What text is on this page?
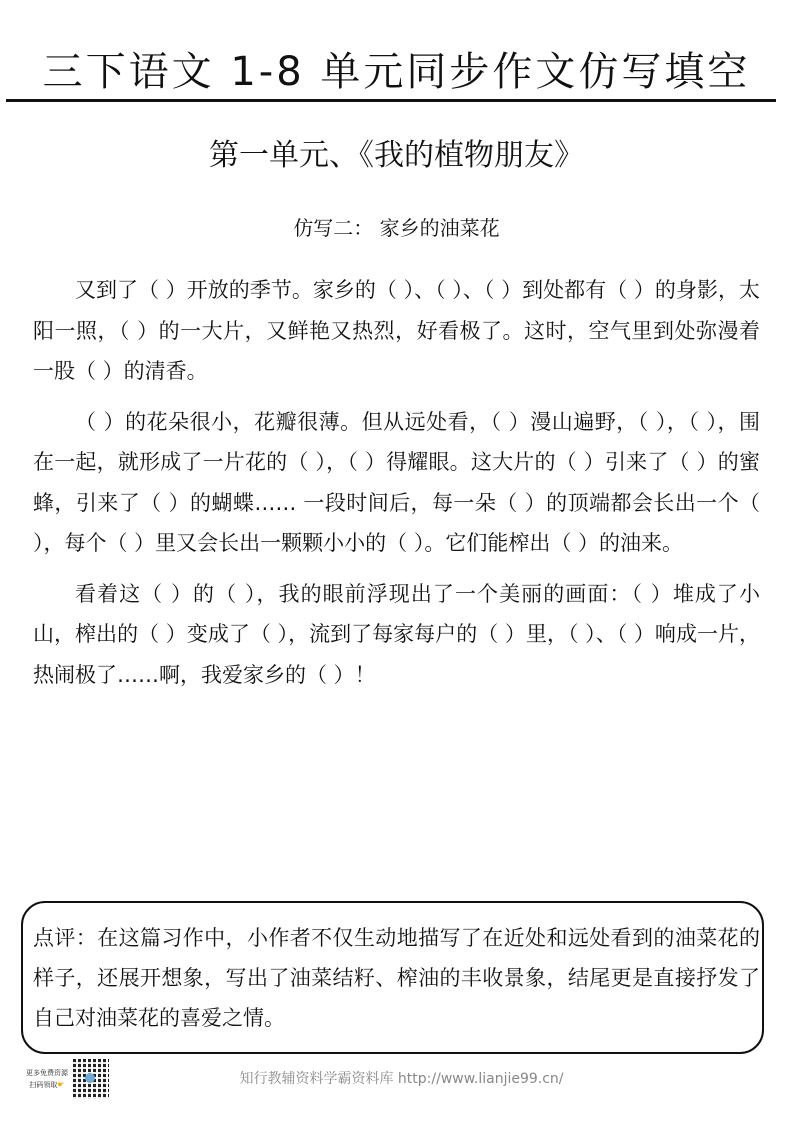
三下语文 1-8 单元同步作文仿写填空
第一单元、《我的植物朋友》
仿写二： 家乡的油菜花

又到了（ ）开放的季节。家乡的（ ）、（ ）、（ ）到处都有（ ）的身影，太阳一照，（ ）的一大片，又鲜艳又热烈，好看极了。这时，空气里到处弥漫着一股（ ）的清香。

（ ）的花朵很小，花瓣很薄。但从远处看，（ ）漫山遍野，（ ），（ ），围在一起，就形成了一片花的（ ），（ ）得耀眼。这大片的（ ）引来了（ ）的蜜蜂，引来了（ ）的蝴蝶…… 一段时间后，每一朵（ ）的顶端都会长出一个（ ），每个（ ）里又会长出一颗颗小小的（ ）。它们能榨出（ ）的油来。

看着这（ ）的（ ），我的眼前浮现出了一个美丽的画面：（ ）堆成了小山，榨出的（ ）变成了（ ），流到了每家每户的（ ）里，（ ）、（ ）响成一片，热闹极了……啊，我爱家乡的（ ）！

点评：在这篇习作中，小作者不仅生动地描写了在近处和远处看到的油菜花的样子，还展开想象，写出了油菜结籽、榨油的丰收景象，结尾更是直接抒发了自己对油菜花的喜爱之情。
更多免费资源
扫码领取☛	知行教辅资料学霸资料库 http://www.lianjie99.cn/
